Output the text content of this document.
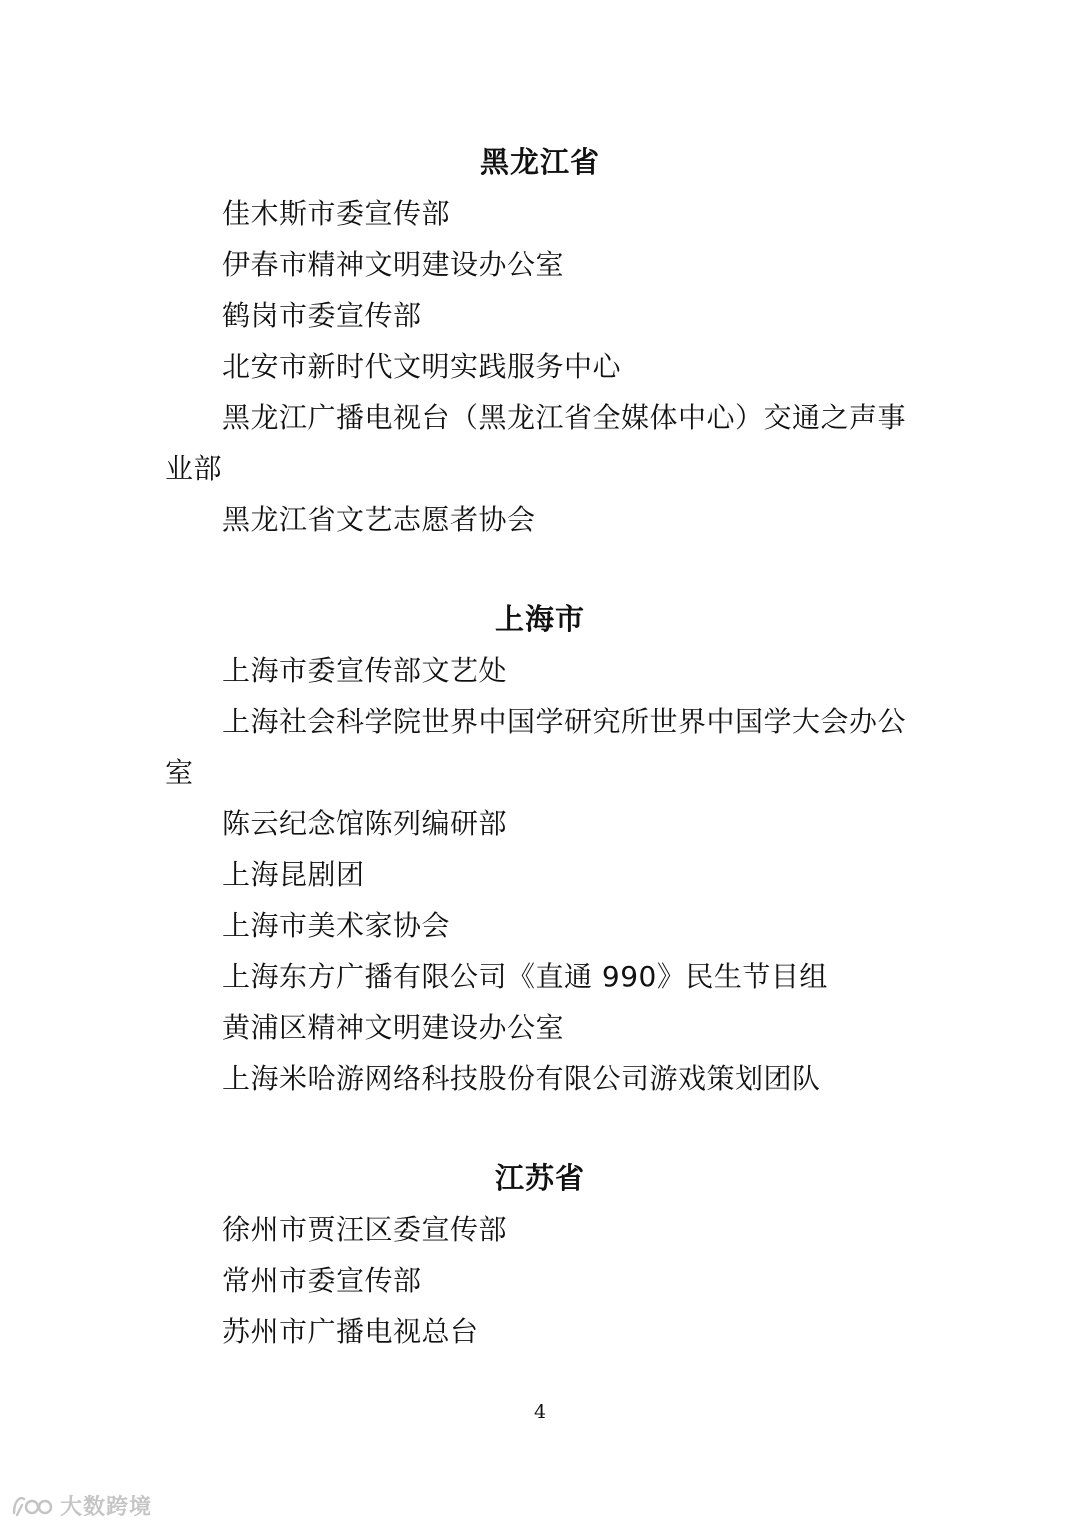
黑龙江省
佳木斯市委宣传部
伊春市精神文明建设办公室
鹤岗市委宣传部
北安市新时代文明实践服务中心
黑龙江广播电视台（黑龙江省全媒体中心）交通之声事业部
黑龙江省文艺志愿者协会
上海市
上海市委宣传部文艺处
上海社会科学院世界中国学研究所世界中国学大会办公室
陈云纪念馆陈列编研部
上海昆剧团
上海市美术家协会
上海东方广播有限公司《直通 990》民生节目组
黄浦区精神文明建设办公室
上海米哈游网络科技股份有限公司游戏策划团队
江苏省
徐州市贾汪区委宣传部
常州市委宣传部
苏州市广播电视总台
4
大数跨境
